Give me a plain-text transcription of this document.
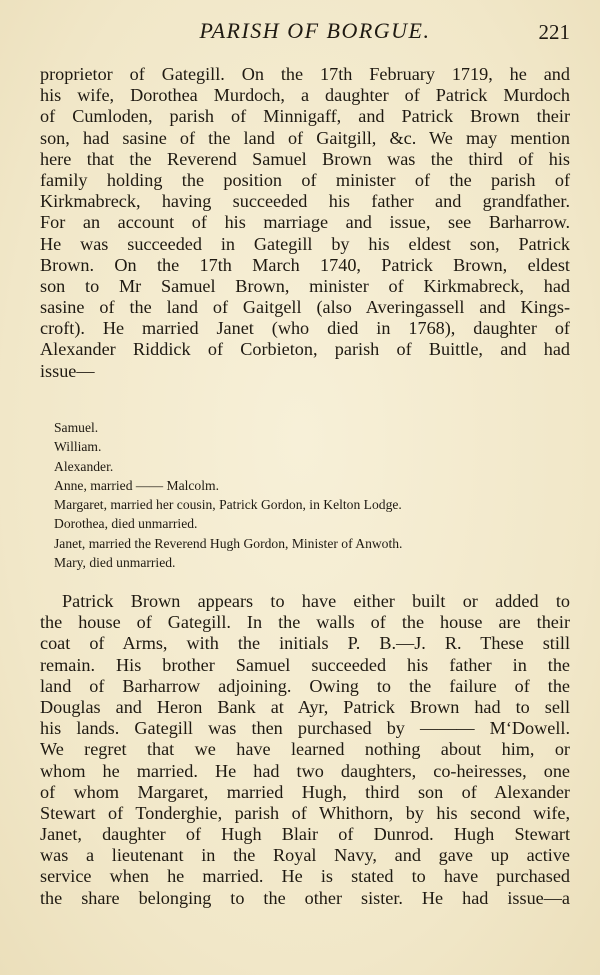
PARISH OF BORGUE.	221
proprietor of Gategill. On the 17th February 1719, he and
his wife, Dorothea Murdoch, a daughter of Patrick Murdoch
of Cumloden, parish of Minnigaff, and Patrick Brown their
son, had sasine of the land of Gaitgill, &c. We may mention
here that the Reverend Samuel Brown was the third of his
family holding the position of minister of the parish of
Kirkmabreck, having succeeded his father and grandfather.
For an account of his marriage and issue, see Barharrow.
He was succeeded in Gategill by his eldest son, Patrick
Brown. On the 17th March 1740, Patrick Brown, eldest
son to Mr Samuel Brown, minister of Kirkmabreck, had
sasine of the land of Gaitgell (also Averingassell and Kings-
croft). He married Janet (who died in 1768), daughter of
Alexander Riddick of Corbieton, parish of Buittle, and had
issue—
Samuel.
William.
Alexander.
Anne, married —— Malcolm.
Margaret, married her cousin, Patrick Gordon, in Kelton Lodge.
Dorothea, died unmarried.
Janet, married the Reverend Hugh Gordon, Minister of Anwoth.
Mary, died unmarried.
Patrick Brown appears to have either built or added to
the house of Gategill. In the walls of the house are their
coat of Arms, with the initials P. B.—J. R. These still
remain. His brother Samuel succeeded his father in the
land of Barharrow adjoining. Owing to the failure of the
Douglas and Heron Bank at Ayr, Patrick Brown had to sell
his lands. Gategill was then purchased by ——— M‘Dowell.
We regret that we have learned nothing about him, or
whom he married. He had two daughters, co-heiresses, one
of whom Margaret, married Hugh, third son of Alexander
Stewart of Tonderghie, parish of Whithorn, by his second wife,
Janet, daughter of Hugh Blair of Dunrod. Hugh Stewart
was a lieutenant in the Royal Navy, and gave up active
service when he married. He is stated to have purchased
the share belonging to the other sister. He had issue—a
